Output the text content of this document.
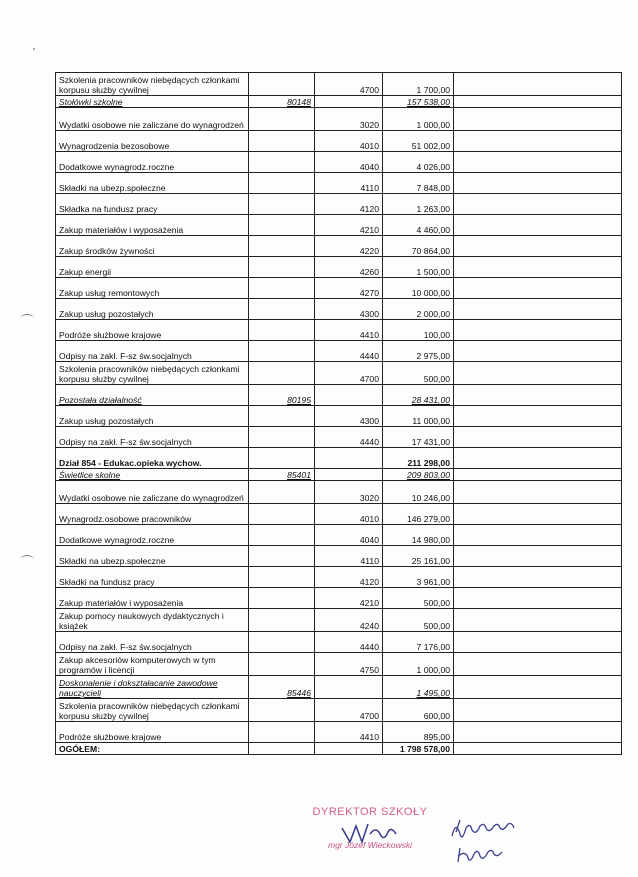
Szkolenia pracowników niebędących członkami korpusu służby cywilnej		4700	1 700,00	
Stołówki szkolne	80148		157 538,00	
Wydatki osobowe nie zaliczane do wynagrodzeń		3020	1 000,00	
Wynagrodzenia bezosobowe		4010	51 002,00	
Dodatkowe wynagrodz.roczne		4040	4 026,00	
Składki na ubezp.społeczne		4110	7 848,00	
Składka na fundusz pracy		4120	1 263,00	
Zakup materiałów i wyposażenia		4210	4 460,00	
Zakup środków żywności		4220	70 864,00	
Zakup energii		4260	1 500,00	
Zakup usług remontowych		4270	10 000,00	
Zakup usług pozostałych		4300	2 000,00	
Podróże służbowe krajowe		4410	100,00	
Odpisy na zakł. F-sz św.socjalnych		4440	2 975,00	
Szkolenia pracowników niebędących członkami korpusu służby cywilnej		4700	500,00	
Pozostała działalność	80195		28 431,00	
Zakup usług pozostałych		4300	11 000,00	
Odpisy na zakł. F-sz św.socjalnych		4440	17 431,00	
Dział 854 - Edukac.opieka wychow.			211 298,00	
Świetlice skolne	85401		209 803,00	
Wydatki osobowe nie zaliczane do wynagrodzeń		3020	10 246,00	
Wynagrodz.osobowe pracowników		4010	146 279,00	
Dodatkowe wynagrodz.roczne		4040	14 980,00	
Składki na ubezp.społeczne		4110	25 161,00	
Składki na fundusz pracy		4120	3 961,00	
Zakup materiałów i wyposażenia		4210	500,00	
Zakup pomocy naukowych dydaktycznych i książek		4240	500,00	
Odpisy na zakł. F-sz św.socjalnych		4440	7 176,00	
Zakup akcesoriów komputerowych w tym programów i licencji		4750	1 000,00	
Doskonalenie i dokształacanie zawodowe nauczycieli	85446		1 495,00	
Szkolenia pracowników niebędących członkami korpusu służby cywilnej		4700	600,00	
Podróże służbowe krajowe		4410	895,00	
OGÓŁEM:			1 798 578,00	
DYREKTOR SZKOŁY
mgr Józef Wieckowski
